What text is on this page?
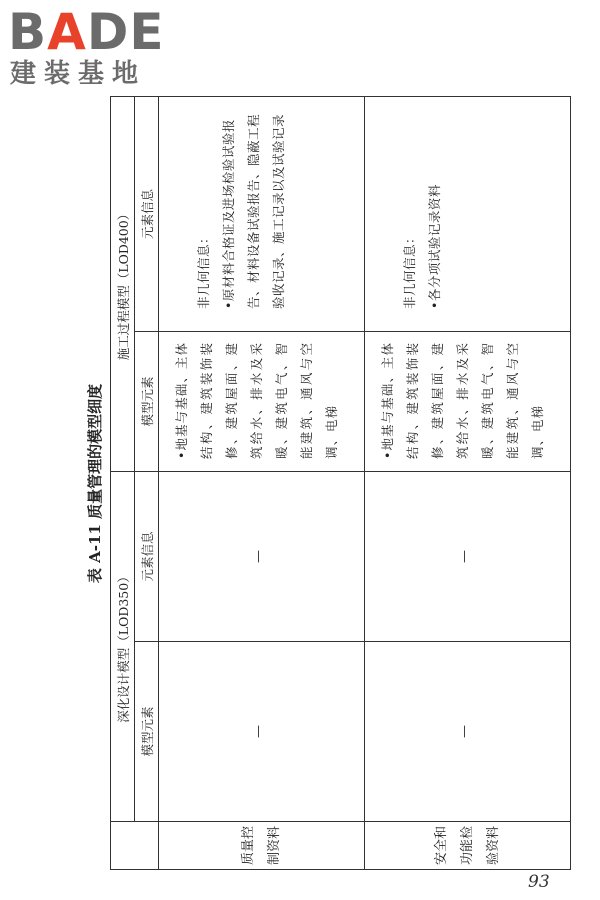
BADE
建装基地
表 A-11 质量管理的模型细度
	深化设计模型（LOD350）		施工过程模型（LOD400）	
	模型元素	元素信息	模型元素	元素信息
质量控制资料	—	—	•地基与基础、主体结构、建筑装饰装修、建筑屋面、建筑给水、排水及采暖、建筑电气、智能建筑、通风与空调、电梯	非几何信息： •原材料合格证及进场检验试验报告、材料设备试验报告、隐蔽工程验收记录、施工记录以及试验记录

安全和功能检验资料	—	—	•地基与基础、主体结构、建筑装饰装修、建筑屋面、建筑给水、排水及采暖、建筑电气、智能建筑、通风与空调、电梯	非几何信息： •各分项试验记录资料
93
